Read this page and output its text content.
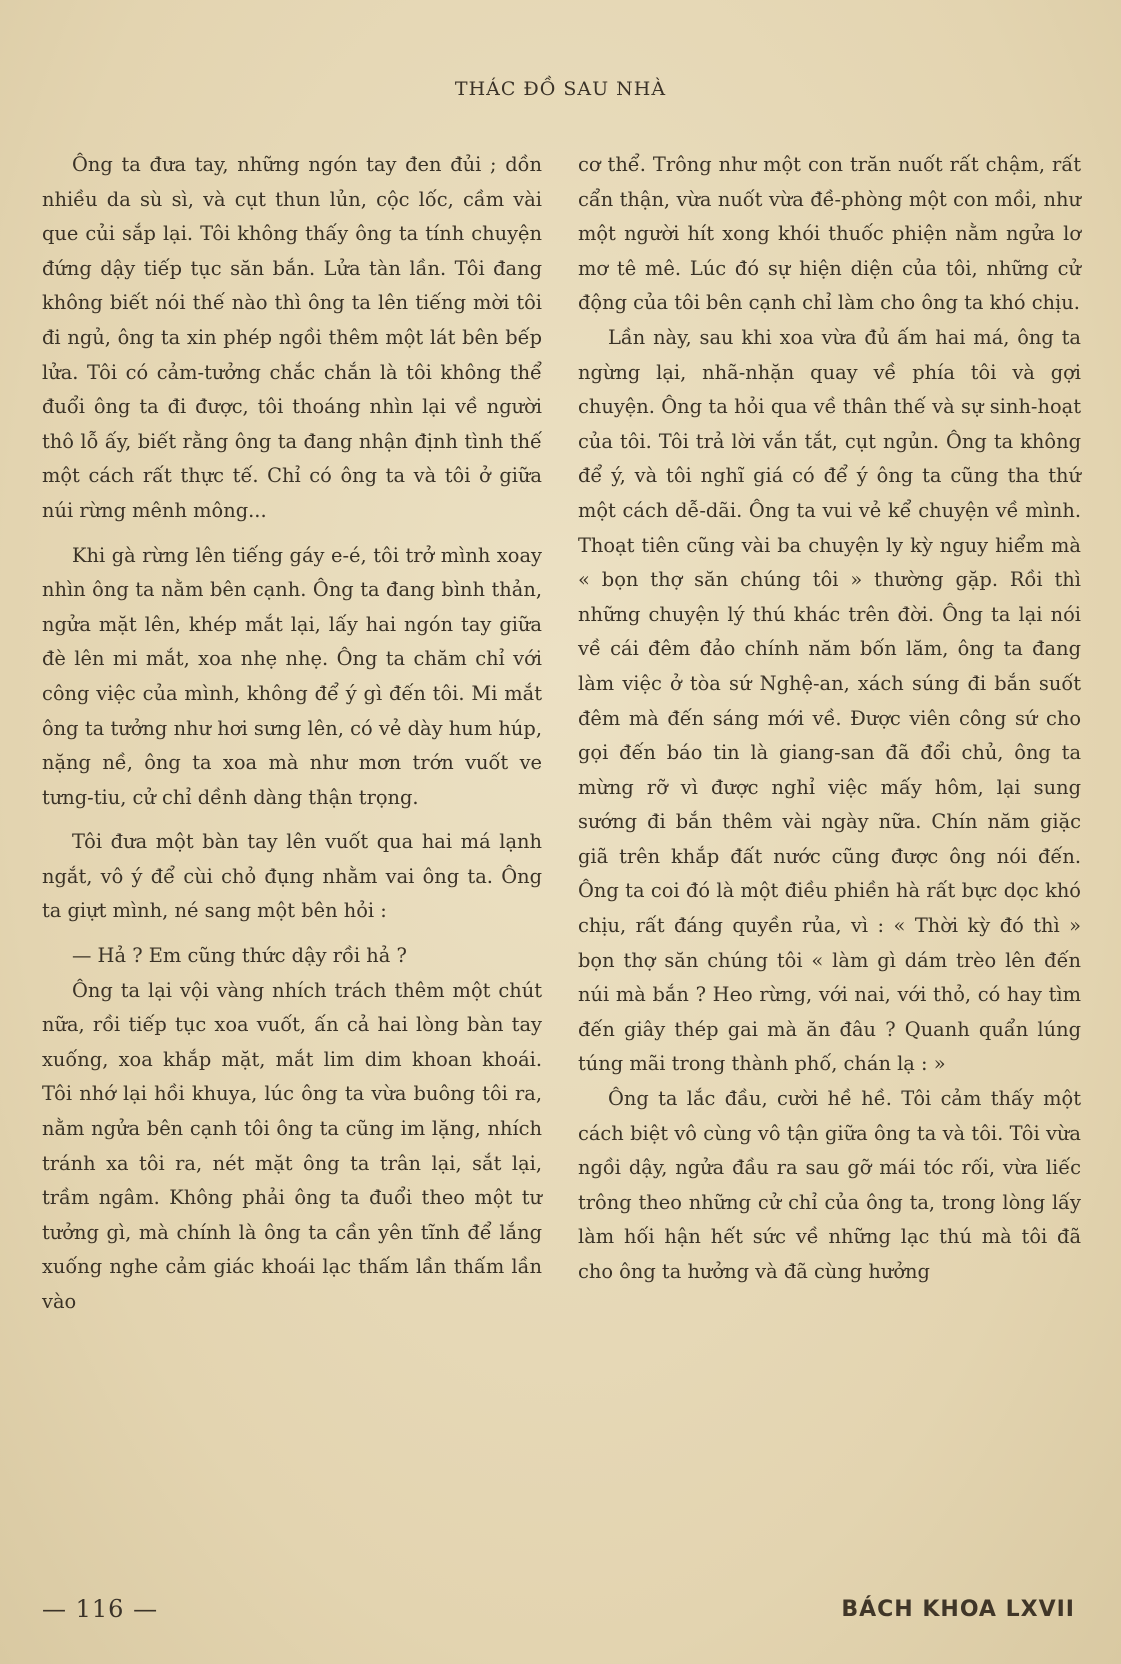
THÁC ĐỒ SAU NHÀ

Ông ta đưa tay, những ngón tay đen đủi ; dồn nhiều da sù sì, và cụt thun lủn, cộc lốc, cầm vài que củi sắp lại. Tôi không thấy ông ta tính chuyện đứng dậy tiếp tục săn bắn. Lửa tàn lần. Tôi đang không biết nói thế nào thì ông ta lên tiếng mời tôi đi ngủ, ông ta xin phép ngồi thêm một lát bên bếp lửa. Tôi có cảm-tưởng chắc chắn là tôi không thể đuổi ông ta đi được, tôi thoáng nhìn lại về người thô lỗ ấy, biết rằng ông ta đang nhận định tình thế một cách rất thực tế. Chỉ có ông ta và tôi ở giữa núi rừng mênh mông...

Khi gà rừng lên tiếng gáy e-é, tôi trở mình xoay nhìn ông ta nằm bên cạnh. Ông ta đang bình thản, ngửa mặt lên, khép mắt lại, lấy hai ngón tay giữa đè lên mi mắt, xoa nhẹ nhẹ. Ông ta chăm chỉ với công việc của mình, không để ý gì đến tôi. Mi mắt ông ta tưởng như hơi sưng lên, có vẻ dày hum húp, nặng nề, ông ta xoa mà như mơn trớn vuốt ve tưng-tiu, cử chỉ dềnh dàng thận trọng.

Tôi đưa một bàn tay lên vuốt qua hai má lạnh ngắt, vô ý để cùi chỏ đụng nhằm vai ông ta. Ông ta giựt mình, né sang một bên hỏi :

— Hả ? Em cũng thức dậy rồi hả ?

Ông ta lại vội vàng nhích trách thêm một chút nữa, rồi tiếp tục xoa vuốt, ấn cả hai lòng bàn tay xuống, xoa khắp mặt, mắt lim dim khoan khoái. Tôi nhớ lại hồi khuya, lúc ông ta vừa buông tôi ra, nằm ngửa bên cạnh tôi ông ta cũng im lặng, nhích tránh xa tôi ra, nét mặt ông ta trân lại, sắt lại, trầm ngâm. Không phải ông ta đuổi theo một tư tưởng gì, mà chính là ông ta cần yên tĩnh để lắng xuống nghe cảm giác khoái lạc thấm lần thấm lần vào

cơ thể. Trông như một con trăn nuốt rất chậm, rất cẩn thận, vừa nuốt vừa đề-phòng một con mồi, như một người hít xong khói thuốc phiện nằm ngửa lơ mơ tê mê. Lúc đó sự hiện diện của tôi, những cử động của tôi bên cạnh chỉ làm cho ông ta khó chịu.

Lần này, sau khi xoa vừa đủ ấm hai má, ông ta ngừng lại, nhã-nhặn quay về phía tôi và gợi chuyện. Ông ta hỏi qua về thân thế và sự sinh-hoạt của tôi. Tôi trả lời vắn tắt, cụt ngủn. Ông ta không để ý, và tôi nghĩ giá có để ý ông ta cũng tha thứ một cách dễ-dãi. Ông ta vui vẻ kể chuyện về mình. Thoạt tiên cũng vài ba chuyện ly kỳ nguy hiểm mà « bọn thợ săn chúng tôi » thường gặp. Rồi thì những chuyện lý thú khác trên đời. Ông ta lại nói về cái đêm đảo chính năm bốn lăm, ông ta đang làm việc ở tòa sứ Nghệ-an, xách súng đi bắn suốt đêm mà đến sáng mới về. Được viên công sứ cho gọi đến báo tin là giang-san đã đổi chủ, ông ta mừng rỡ vì được nghỉ việc mấy hôm, lại sung sướng đi bắn thêm vài ngày nữa. Chín năm giặc giã trên khắp đất nước cũng được ông nói đến. Ông ta coi đó là một điều phiền hà rất bực dọc khó chịu, rất đáng quyền rủa, vì : « Thời kỳ đó thì » bọn thợ săn chúng tôi « làm gì dám trèo lên đến núi mà bắn ? Heo rừng, với nai, với thỏ, có hay tìm đến giây thép gai mà ăn đâu ? Quanh quẩn lúng túng mãi trong thành phố, chán lạ : »

Ông ta lắc đầu, cười hề hề. Tôi cảm thấy một cách biệt vô cùng vô tận giữa ông ta và tôi. Tôi vừa ngồi dậy, ngửa đầu ra sau gỡ mái tóc rối, vừa liếc trông theo những cử chỉ của ông ta, trong lòng lấy làm hối hận hết sức về những lạc thú mà tôi đã cho ông ta hưởng và đã cùng hưởng

— 116 —	BÁCH KHOA LXVII
